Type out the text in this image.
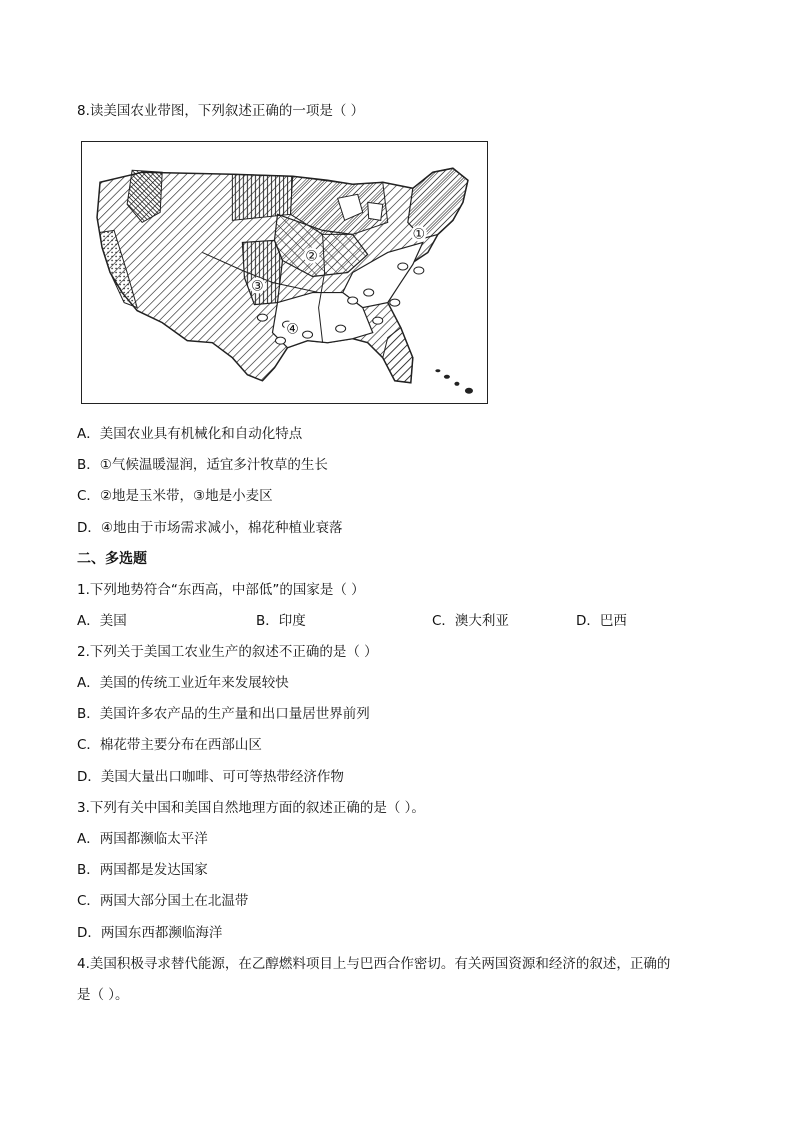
8.读美国农业带图，下列叙述正确的一项是（ ）
①
②
③
④
A．美国农业具有机械化和自动化特点
B．①气候温暖湿润，适宜多汁牧草的生长
C．②地是玉米带，③地是小麦区
D．④地由于市场需求减小，棉花种植业衰落
二、多选题
1.下列地势符合“东西高，中部低”的国家是（ ）
A．美国	B．印度	C．澳大利亚	D．巴西
2.下列关于美国工农业生产的叙述不正确的是（ ）
A．美国的传统工业近年来发展较快
B．美国许多农产品的生产量和出口量居世界前列
C．棉花带主要分布在西部山区
D．美国大量出口咖啡、可可等热带经济作物
3.下列有关中国和美国自然地理方面的叙述正确的是（ ）。
A．两国都濒临太平洋
B．两国都是发达国家
C．两国大部分国土在北温带
D．两国东西都濒临海洋
4.美国积极寻求替代能源，在乙醇燃料项目上与巴西合作密切。有关两国资源和经济的叙述，正确的
是（ ）。
